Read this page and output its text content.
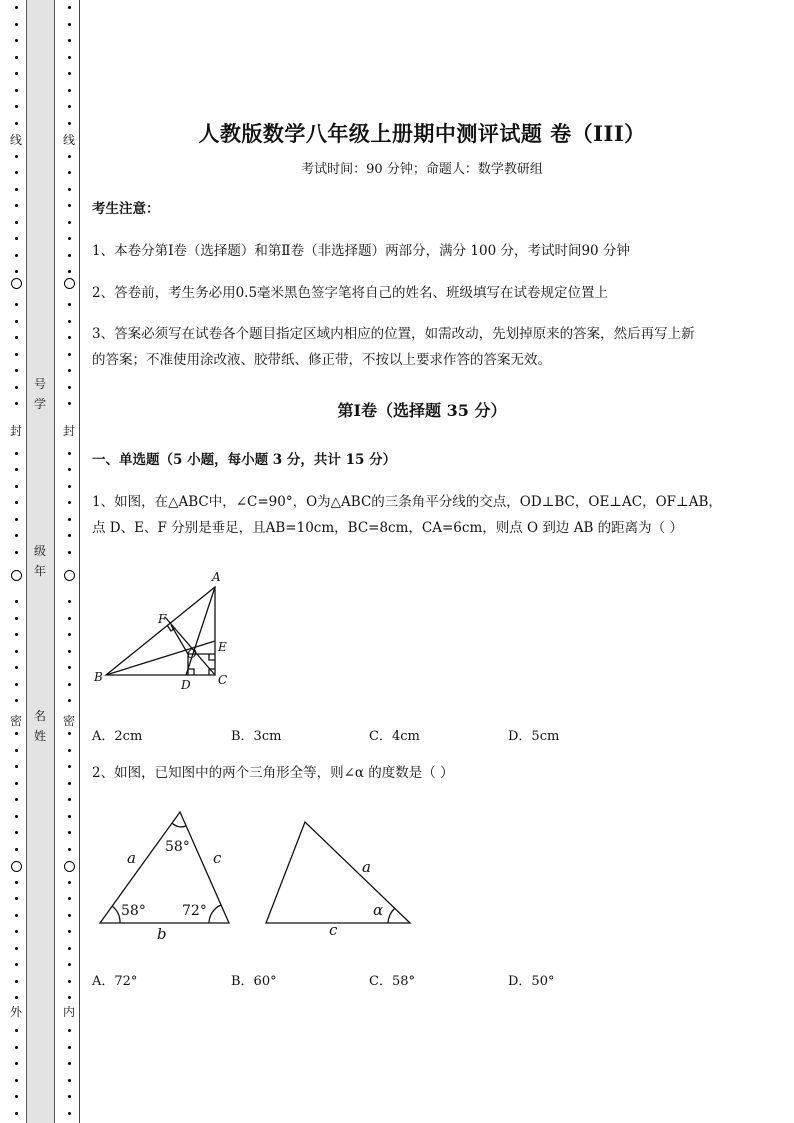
线
封
密
外
线
封
密
内
号
学
级
年
名
姓
人教版数学八年级上册期中测评试题 卷（III）
考试时间：90 分钟；命题人：数学教研组
考生注意：
1、本卷分第Ⅰ卷（选择题）和第Ⅱ卷（非选择题）两部分，满分 100 分，考试时间90 分钟
2、答卷前，考生务必用0.5毫米黑色签字笔将自己的姓名、班级填写在试卷规定位置上
3、答案必须写在试卷各个题目指定区域内相应的位置，如需改动，先划掉原来的答案，然后再写上新
的答案；不准使用涂改液、胶带纸、修正带，不按以上要求作答的答案无效。
第Ⅰ卷（选择题 35 分）
一、单选题（5 小题，每小题 3 分，共计 15 分）
1、如图，在△ABC中，∠C=90°，O为△ABC的三条角平分线的交点，OD⊥BC，OE⊥AC，OF⊥AB，
点 D、E、F 分别是垂足，且AB=10cm，BC=8cm，CA=6cm，则点 O 到边 AB 的距离为（ ）
A
B	C
D
E
F
O
A．2cm	B．3cm	C．4cm	D．5cm
2、如图，已知图中的两个三角形全等，则∠α 的度数是（ ）
58°
58°	72°
a	c
b
a
c
α
A．72°	B．60°	C．58°	D．50°
